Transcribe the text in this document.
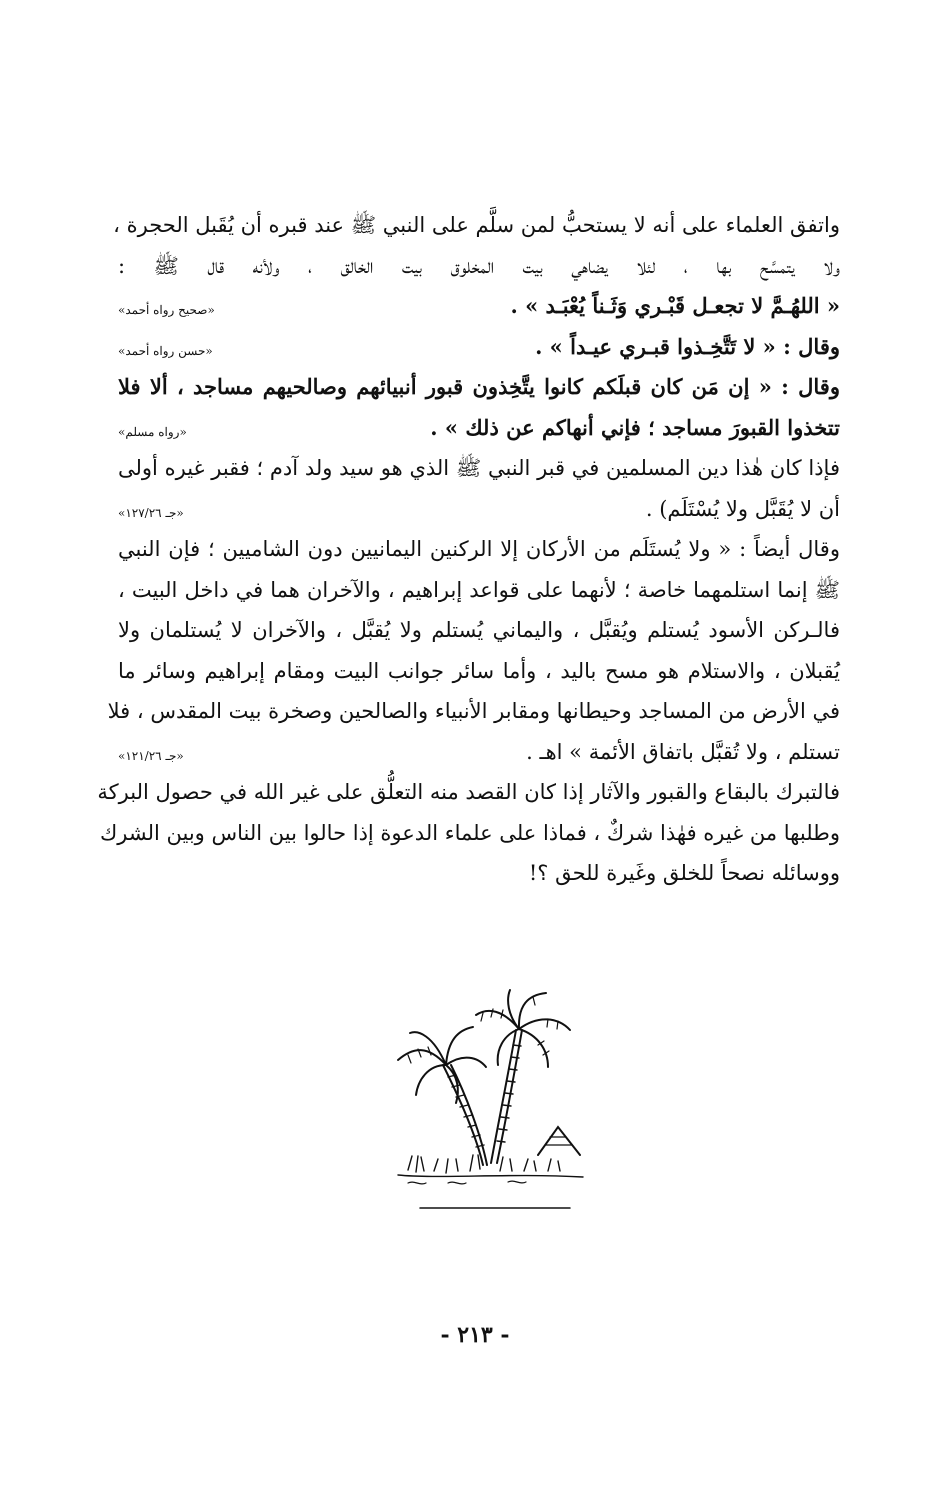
واتفق العلماء على أنه لا يستحبُّ لمن سلَّم على النبي ﷺ عند قبره أن يُقَبل الحجرة ،
ولا يتمسَّح بها ، لئلا يضاهي بيت المخلوق بيت الخالق ، ولأنه قال ﷺ :
« اللهُـمَّ لا تجعـل قَبْـري وَثَـناً يُعْبَـد » .
«صحيح رواه أحمد»
وقال : « لا تَتَّخِـذوا قبـري عيـداً » .
«حسن رواه أحمد»
وقال : « إن مَن كان قبلَكم كانوا يتَّخِذون قبور أنبيائهم وصالحيهم مساجد ، ألا فلا
تتخذوا القبورَ مساجد ؛ فإني أنهاكم عن ذلك » .
«رواه مسلم»
فإذا كان هٰذا دين المسلمين في قبر النبي ﷺ الذي هو سيد ولد آدم ؛ فقبر غيره أولى
أن لا يُقَبَّل ولا يُسْتَلَم) .
«جـ ١٢٧/٢٦»
وقال أيضاً : « ولا يُستَلَم من الأركان إلا الركنين اليمانيين دون الشاميين ؛ فإن النبي
ﷺ إنما استلمهما خاصة ؛ لأنهما على قواعد إبراهيم ، والآخران هما في داخل البيت ،
فالـركن الأسود يُستلم ويُقبَّل ، واليماني يُستلم ولا يُقبَّل ، والآخران لا يُستلمان ولا
يُقبلان ، والاستلام هو مسح باليد ، وأما سائر جوانب البيت ومقام إبراهيم وسائر ما
في الأرض من المساجد وحيطانها ومقابر الأنبياء والصالحين وصخرة بيت المقدس ، فلا
تستلم ، ولا تُقبَّل باتفاق الأئمة » اهـ .
«جـ ١٢١/٢٦»
فالتبرك بالبقاع والقبور والآثار إذا كان القصد منه التعلُّق على غير الله في حصول البركة
وطلبها من غيره فهٰذا شركٌ ، فماذا على علماء الدعوة إذا حالوا بين الناس وبين الشرك
ووسائله نصحاً للخلق وغَيرة للحق ؟!
- ٢١٣ -
